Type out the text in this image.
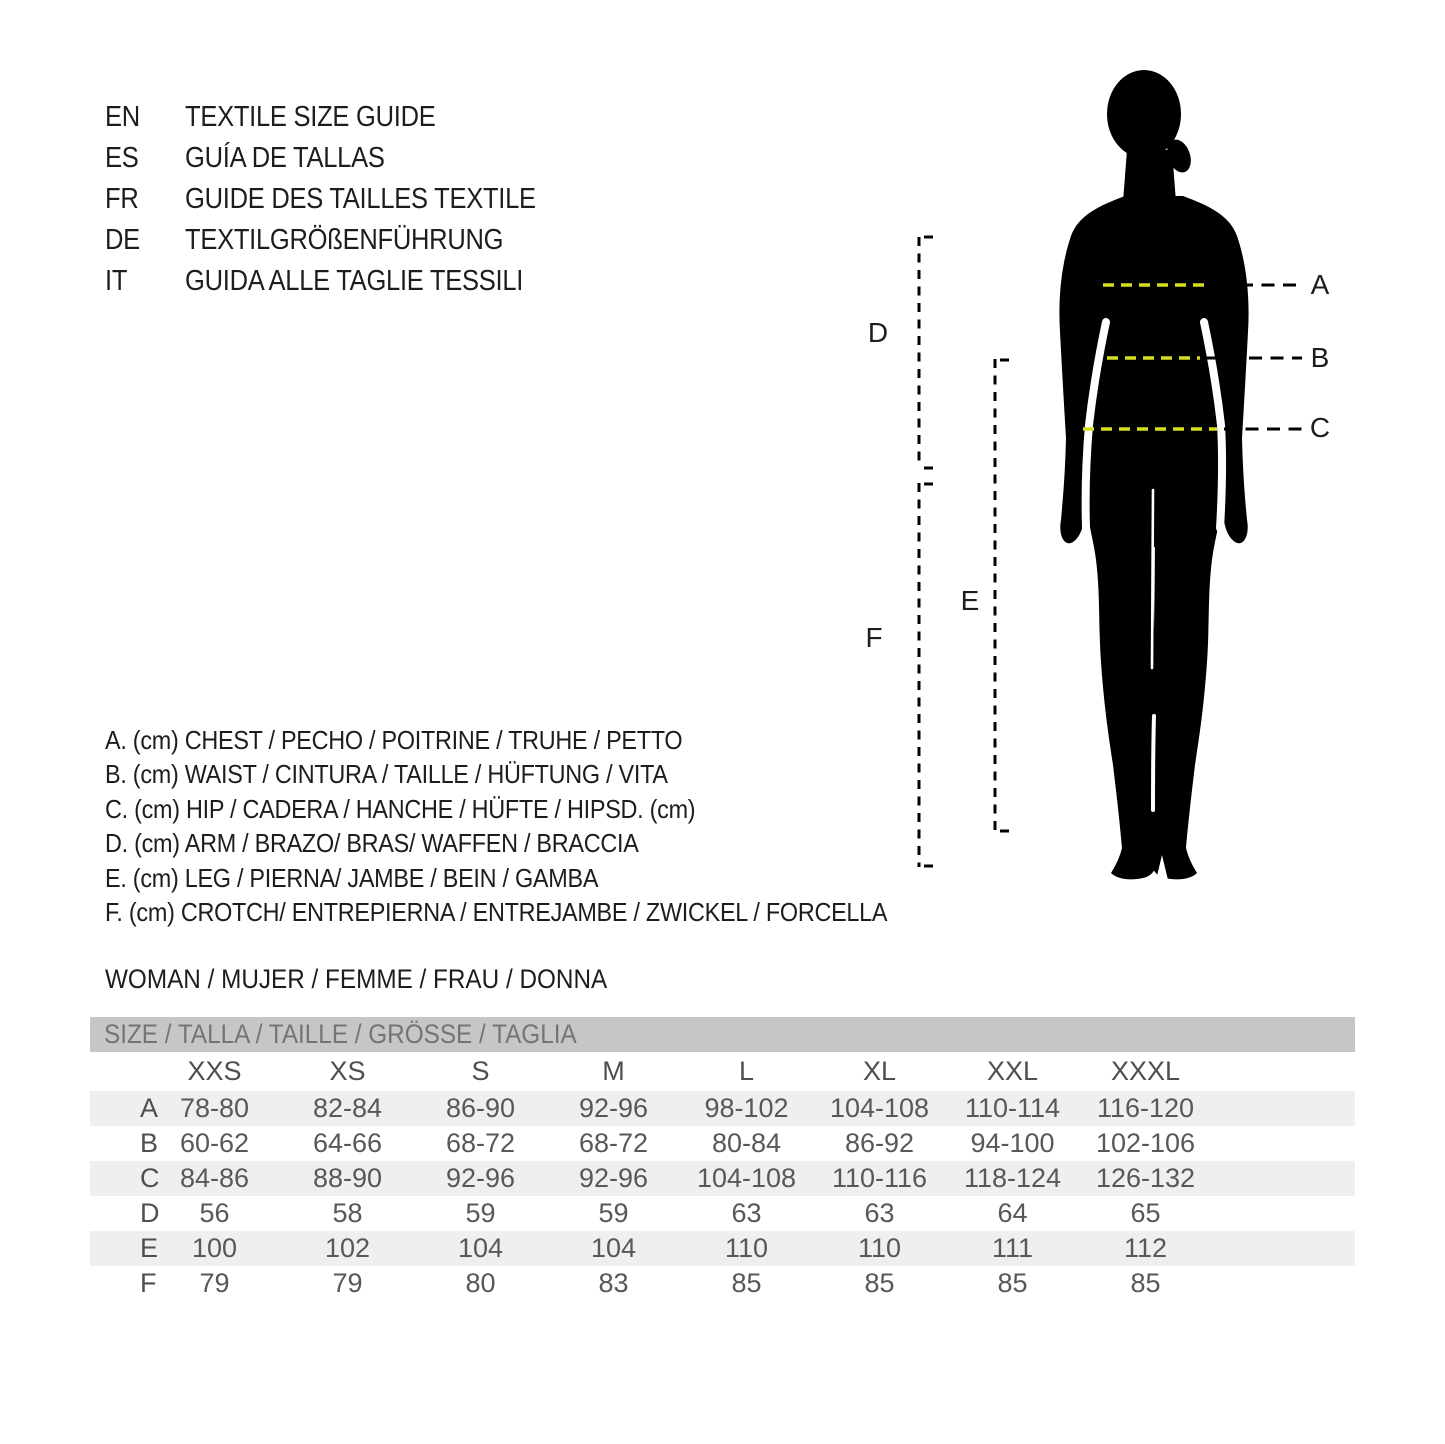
EN	TEXTILE SIZE GUIDE
ES	GUÍA DE TALLAS
FR	GUIDE DES TAILLES TEXTILE
DE	TEXTILGRÖßENFÜHRUNG
IT	GUIDA ALLE TAGLIE TESSILI
A. (cm) CHEST / PECHO / POITRINE / TRUHE / PETTO
B. (cm) WAIST / CINTURA / TAILLE / HÜFTUNG / VITA
C. (cm) HIP / CADERA / HANCHE / HÜFTE / HIPSD. (cm)
D. (cm) ARM / BRAZO/ BRAS/ WAFFEN / BRACCIA
E. (cm) LEG / PIERNA/ JAMBE / BEIN / GAMBA
F. (cm) CROTCH/ ENTREPIERNA / ENTREJAMBE / ZWICKEL / FORCELLA
WOMAN / MUJER / FEMME / FRAU / DONNA
SIZE / TALLA / TAILLE / GRÖSSE / TAGLIA
XXS	XS	S	M	L	XL	XXL	XXXL
A 78-80	82-84	86-90	92-96	98-102	104-108	110-114	116-120
B 60-62	64-66	68-72	68-72	80-84	86-92	94-100	102-106
C 84-86	88-90	92-96	92-96	104-108	110-116	118-124	126-132
D	56	58	59	59	63	63	64	65
E	100	102	104	104	110	110	111	112
F	79	79	80	83	85	85	85	85
A
B
C
D
E
F
